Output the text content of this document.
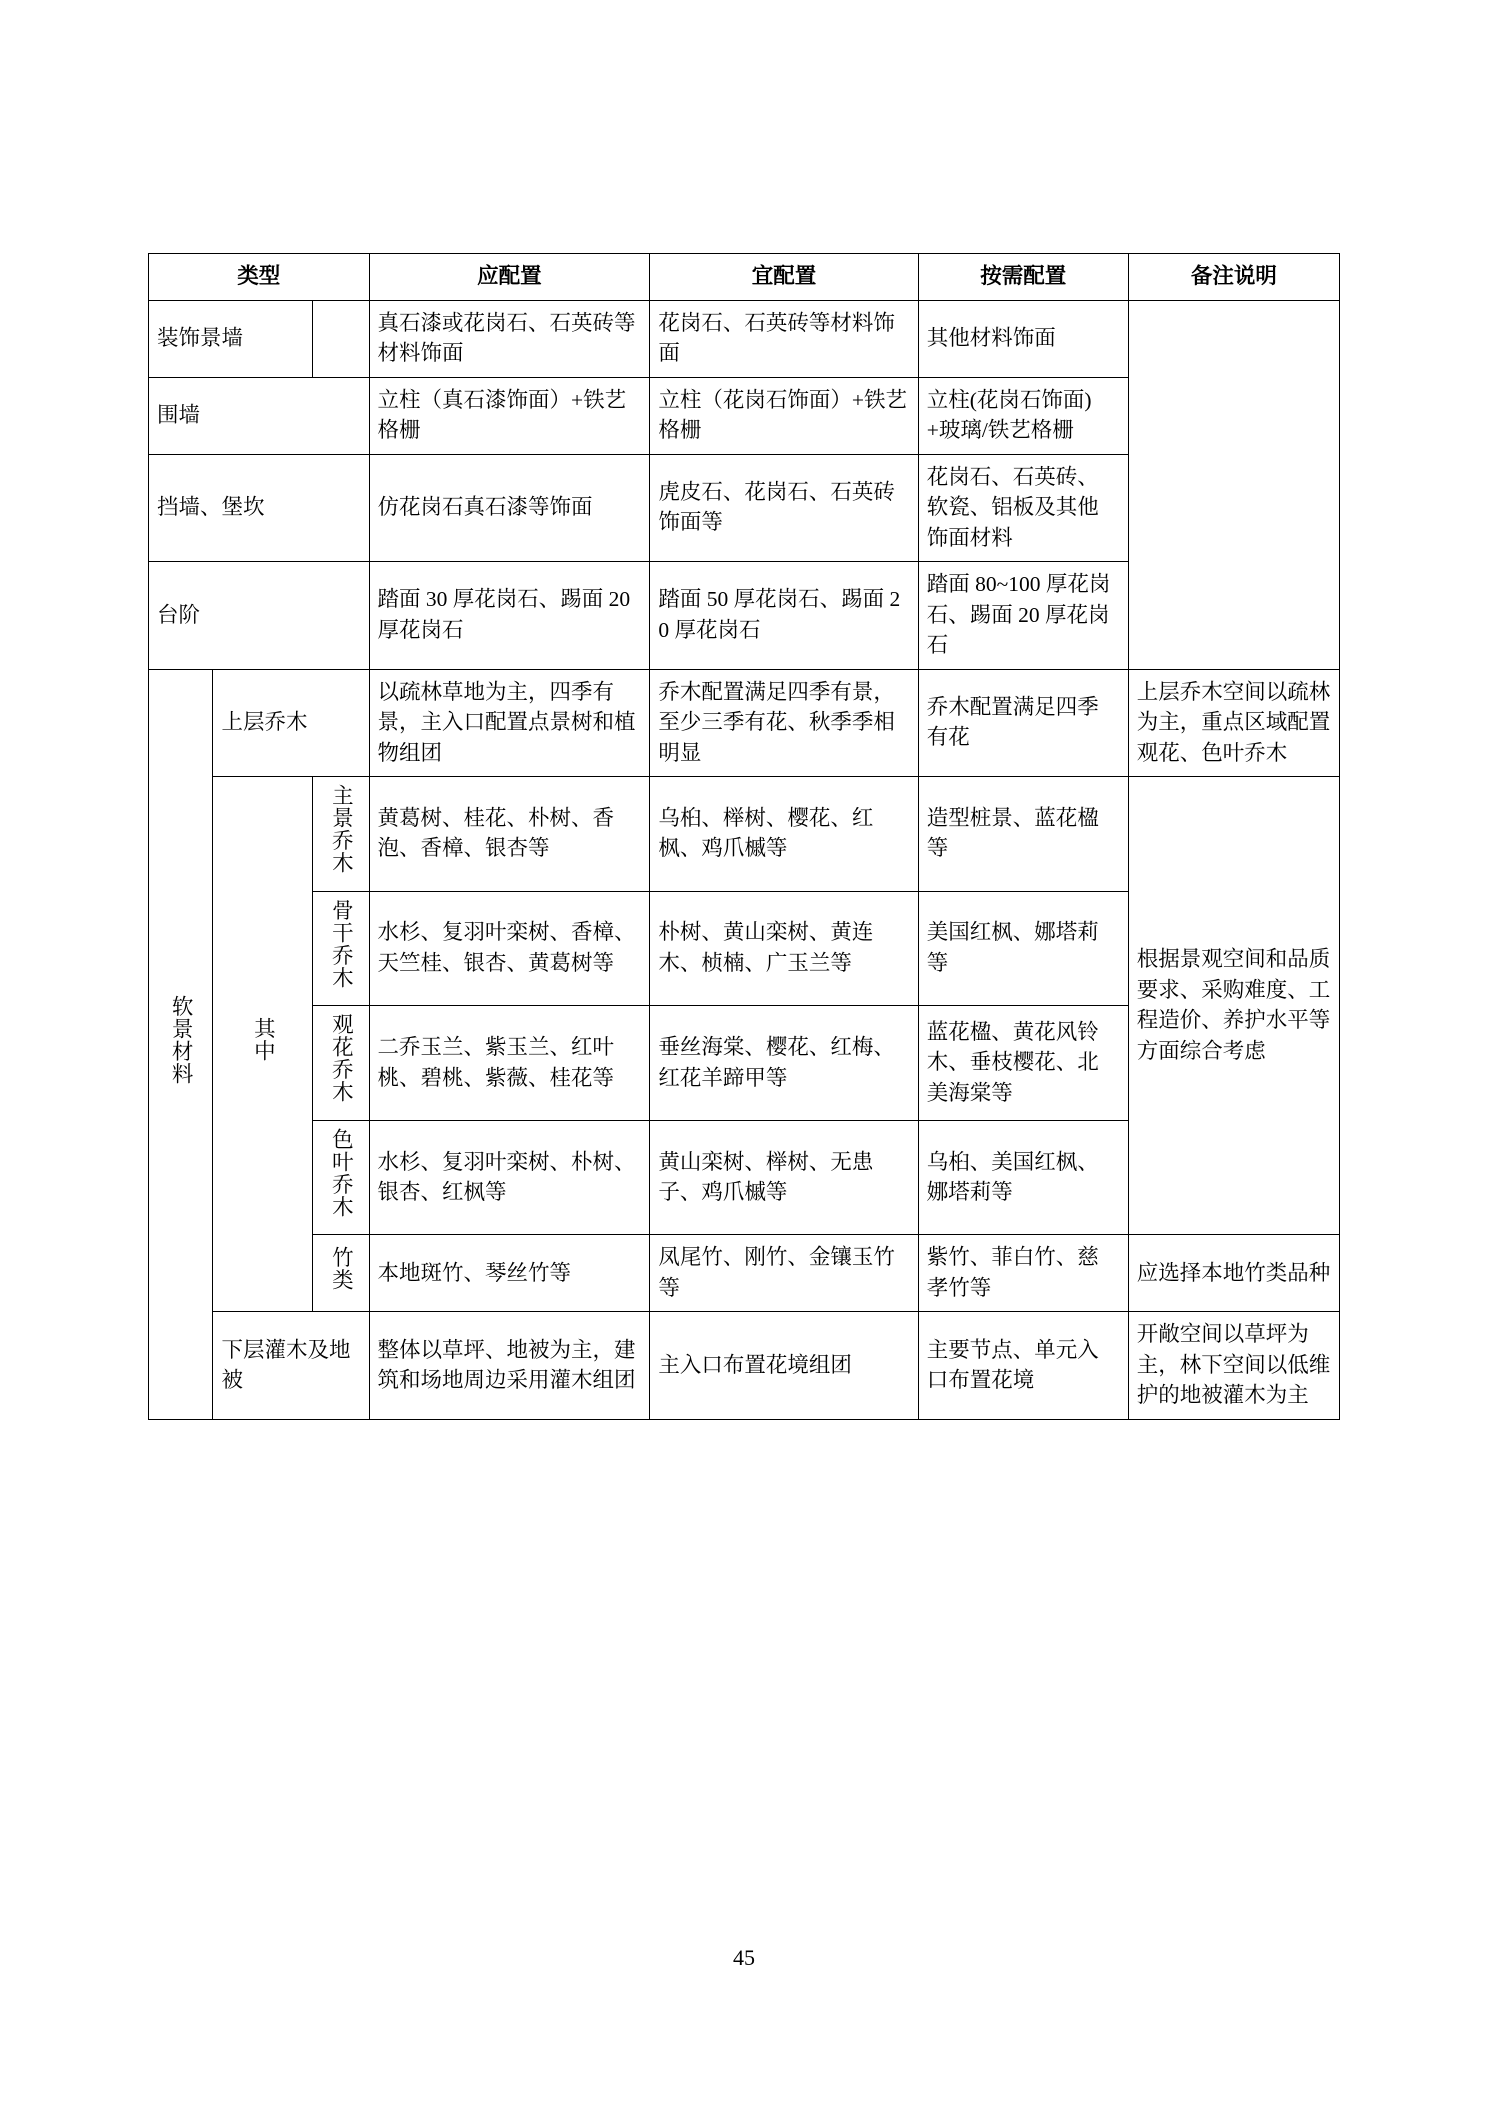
类型			应配置	宜配置	按需配置	备注说明
装饰景墙			真石漆或花岗石、石英砖等材料饰面	花岗石、石英砖等材料饰面	其他材料饰面	
围墙			立柱（真石漆饰面）+铁艺格栅	立柱（花岗石饰面）+铁艺格栅	立柱(花岗石饰面)+玻璃/铁艺格栅	
挡墙、堡坎			仿花岗石真石漆等饰面	虎皮石、花岗石、石英砖饰面等	花岗石、石英砖、软瓷、铝板及其他饰面材料	
台阶			踏面 30 厚花岗石、踢面 20 厚花岗石	踏面 50 厚花岗石、踢面 20 厚花岗石	踏面 80~100 厚花岗石、踢面 20 厚花岗石	
软景材料	上层乔木		以疏林草地为主，四季有景，主入口配置点景树和植物组团	乔木配置满足四季有景，至少三季有花、秋季季相明显	乔木配置满足四季有花	上层乔木空间以疏林为主，重点区域配置观花、色叶乔木
	其中	主景乔木	黄葛树、桂花、朴树、香泡、香樟、银杏等	乌桕、榉树、樱花、红枫、鸡爪槭等	造型桩景、蓝花楹等	根据景观空间和品质要求、采购难度、工程造价、养护水平等方面综合考虑
		骨干乔木	水杉、复羽叶栾树、香樟、天竺桂、银杏、黄葛树等	朴树、黄山栾树、黄连木、桢楠、广玉兰等	美国红枫、娜塔莉等	
		观花乔木	二乔玉兰、紫玉兰、红叶桃、碧桃、紫薇、桂花等	垂丝海棠、樱花、红梅、红花羊蹄甲等	蓝花楹、黄花风铃木、垂枝樱花、北美海棠等	
		色叶乔木	水杉、复羽叶栾树、朴树、银杏、红枫等	黄山栾树、榉树、无患子、鸡爪槭等	乌桕、美国红枫、娜塔莉等	
		竹类	本地斑竹、琴丝竹等	凤尾竹、刚竹、金镶玉竹等	紫竹、菲白竹、慈孝竹等	应选择本地竹类品种
	下层灌木及地被		整体以草坪、地被为主，建筑和场地周边采用灌木组团	主入口布置花境组团	主要节点、单元入口布置花境	开敞空间以草坪为主，林下空间以低维护的地被灌木为主
45
